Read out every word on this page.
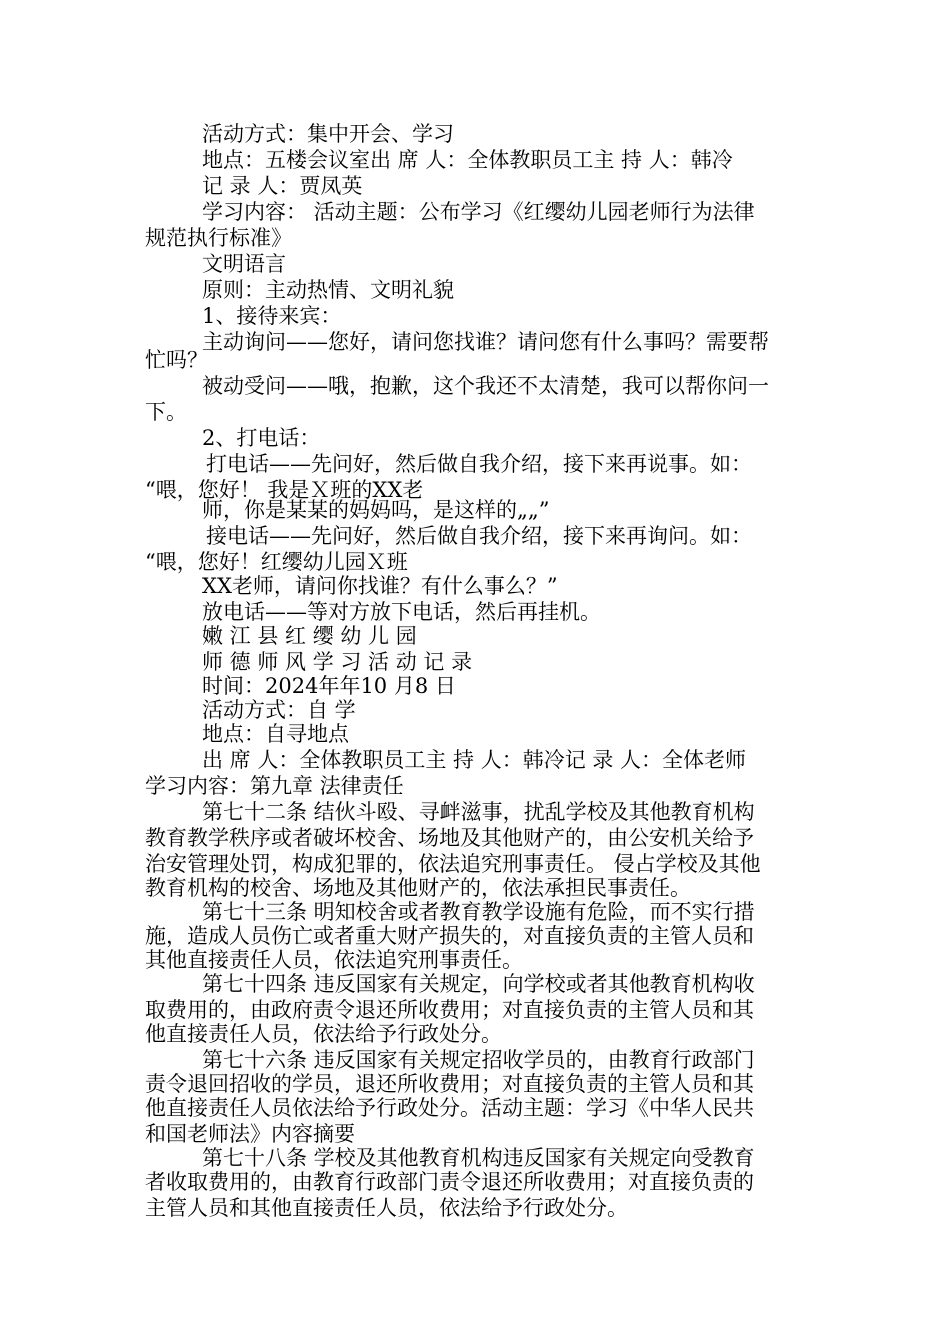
活动方式：集中开会、学习
地点：五楼会议室出 席 人：全体教职员工主 持 人：韩冷
记 录 人：贾凤英
学习内容： 活动主题：公布学习《红缨幼儿园老师行为法律
规范执行标准》
文明语言
原则：主动热情、文明礼貌
1、接待来宾：
主动询问——您好，请问您找谁？请问您有什么事吗？需要帮
忙吗？
被动受问——哦，抱歉，这个我还不太清楚，我可以帮你问一
下。
2、打电话：
打电话——先问好，然后做自我介绍，接下来再说事。如：
“喂，您好！ 我是Ｘ班的XX老
师，你是某某的妈妈吗，是这样的„„”
接电话——先问好，然后做自我介绍，接下来再询问。如：
“喂，您好！红缨幼儿园Ｘ班
XX老师，请问你找谁？有什么事么？”
放电话——等对方放下电话，然后再挂机。
嫩 江 县 红 缨 幼 儿 园
师 德 师 风 学 习 活 动 记 录
时间：2024年年10 月8 日
活动方式：自 学
地点：自寻地点
出 席 人：全体教职员工主 持 人：韩冷记 录 人：全体老师
学习内容：第九章 法律责任
第七十二条 结伙斗殴、寻衅滋事，扰乱学校及其他教育机构
教育教学秩序或者破坏校舍、场地及其他财产的，由公安机关给予
治安管理处罚，构成犯罪的，依法追究刑事责任。 侵占学校及其他
教育机构的校舍、场地及其他财产的，依法承担民事责任。
第七十三条 明知校舍或者教育教学设施有危险，而不实行措
施，造成人员伤亡或者重大财产损失的，对直接负责的主管人员和
其他直接责任人员，依法追究刑事责任。
第七十四条 违反国家有关规定，向学校或者其他教育机构收
取费用的，由政府责令退还所收费用；对直接负责的主管人员和其
他直接责任人员，依法给予行政处分。
第七十六条 违反国家有关规定招收学员的，由教育行政部门
责令退回招收的学员，退还所收费用；对直接负责的主管人员和其
他直接责任人员依法给予行政处分。活动主题：学习《中华人民共
和国老师法》内容摘要
第七十八条 学校及其他教育机构违反国家有关规定向受教育
者收取费用的，由教育行政部门责令退还所收费用；对直接负责的
主管人员和其他直接责任人员，依法给予行政处分。
